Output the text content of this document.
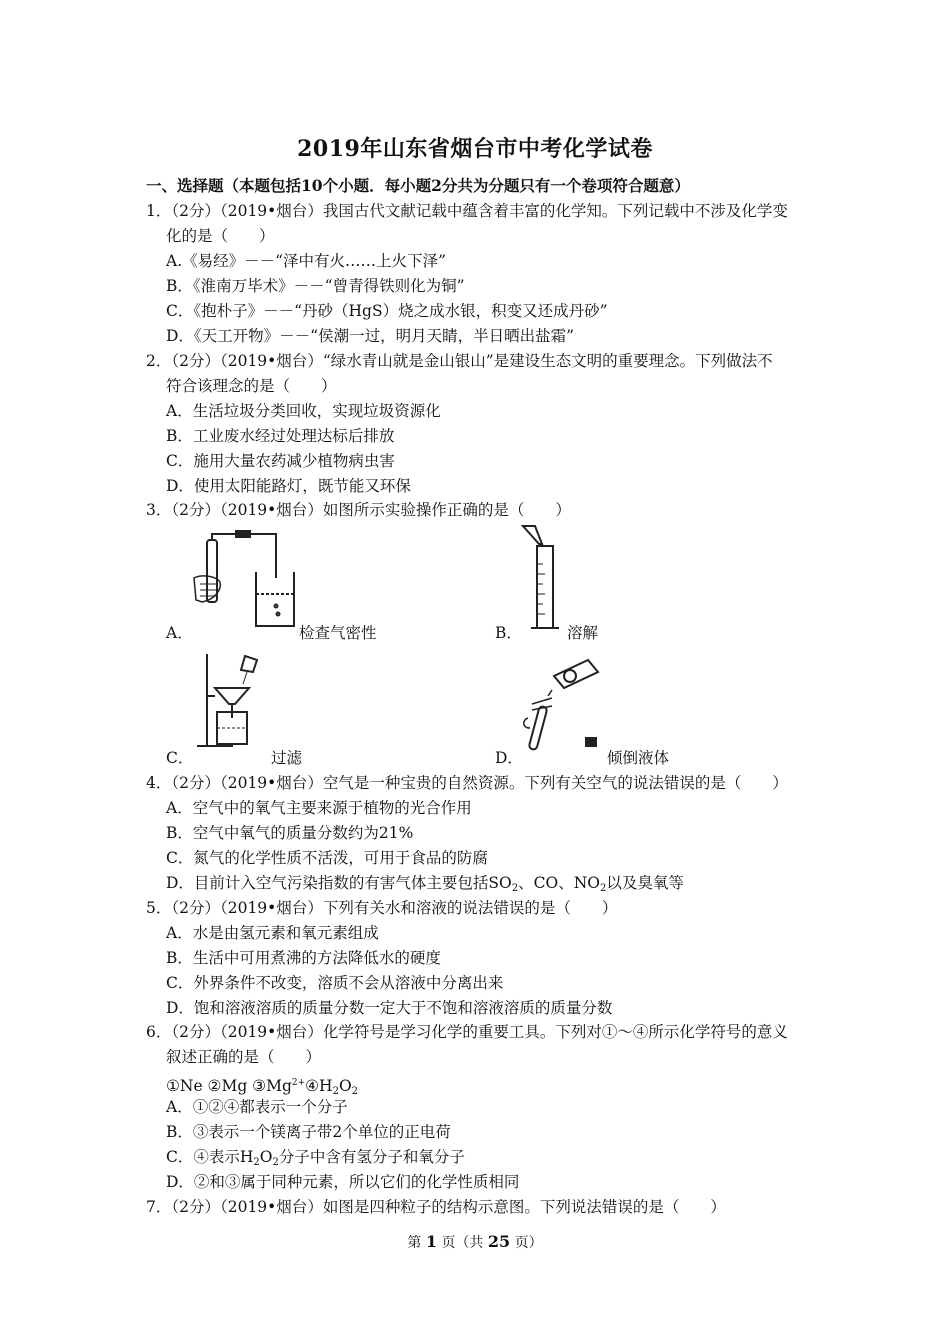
2019年山东省烟台市中考化学试卷
一、选择题（本题包括10个小题．每小题2分共为分题只有一个卷项符合题意）
1．（2分）（2019•烟台）我国古代文献记载中蕴含着丰富的化学知。下列记载中不涉及化学变
化的是（　　）
A.《易经》－－“泽中有火……上火下泽”
B．《淮南万毕术》－－“曾青得铁则化为铜”
C．《抱朴子》－－“丹砂（HgS）烧之成水银，积变又还成丹砂”
D．《天工开物》－－“侯潮一过，明月天睛，半日晒出盐霜”
2．（2分）（2019•烟台）“绿水青山就是金山银山”是建设生态文明的重要理念。下列做法不
符合该理念的是（　　）
A．生活垃圾分类回收，实现垃圾资源化
B．工业废水经过处理达标后排放
C．施用大量农药减少植物病虫害
D．使用太阳能路灯，既节能又环保
3．（2分）（2019•烟台）如图所示实验操作正确的是（　　）
A．	检查气密性	B．	溶解
C．	过滤	D．	倾倒液体
4．（2分）（2019•烟台）空气是一种宝贵的自然资源。下列有关空气的说法错误的是（　　）
A．空气中的氧气主要来源于植物的光合作用
B．空气中氧气的质量分数约为21%
C．氮气的化学性质不活泼，可用于食品的防腐
D．目前计入空气污染指数的有害气体主要包括$SO_2$、CO、$NO_2$以及臭氧等
5．（2分）（2019•烟台）下列有关水和溶液的说法错误的是（　　）
A．水是由氢元素和氧元素组成
B．生活中可用煮沸的方法降低水的硬度
C．外界条件不改变，溶质不会从溶液中分离出来
D．饱和溶液溶质的质量分数一定大于不饱和溶液溶质的质量分数
6．（2分）（2019•烟台）化学符号是学习化学的重要工具。下列对①～④所示化学符号的意义
叙述正确的是（　　）
①Ne ②Mg $③Mg^{2+}④H_2O_2$
A．①②④都表示一个分子
B．③表示一个镁离子带2个单位的正电荷
C．④表示$H_2O_2$分子中含有氢分子和氧分子
D．②和③属于同种元素，所以它们的化学性质相同
7．（2分）（2019•烟台）如图是四种粒子的结构示意图。下列说法错误的是（　　）
第 1 页（共 25 页）
